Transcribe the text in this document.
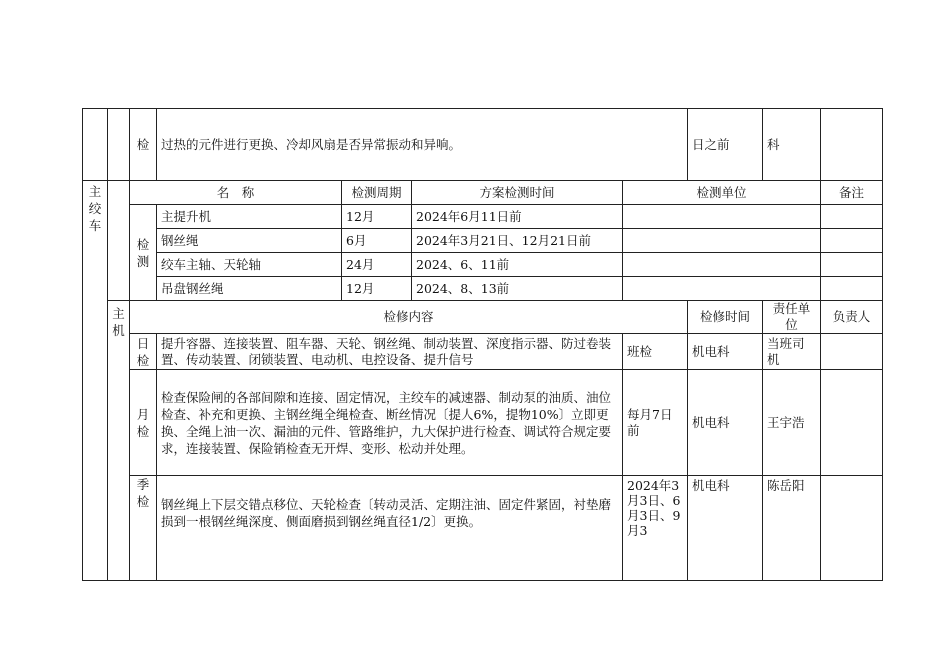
		检	过热的元件进行更换、冷却风扇是否异常振动和异响。				日之前	科		

主绞车		名　称		检测周期	方案检测时间	检测单位			备注	

		检测	主提升机	12月	2024年6月11日前					
			钢丝绳	6月	2024年3月21日、12月21日前					
			绞车主轴、天轮轴	24月	2024、6、11前					
			吊盘钢丝绳	12月	2024、8、13前					

	主机	检修内容					检修时间	责任单位	负责人	

		日检	提升容器、连接装置、阻车器、天轮、钢丝绳、制动装置、深度指示器、防过卷装置、传动装置、闭锁装置、电动机、电控设备、提升信号			班检	机电科	当班司机		

		月检	检查保险闸的各部间隙和连接、固定情况，主绞车的减速器、制动泵的油质、油位检查、补充和更换、主钢丝绳全绳检查、断丝情况〔提人6%，提物10%〕立即更换、全绳上油一次、漏油的元件、管路维护，九大保护进行检查、调试符合规定要求，连接装置、保险销检查无开焊、变形、松动并处理。			每月7日前	机电科	王宇浩		

		季检	钢丝绳上下层交错点移位、天轮检查〔转动灵活、定期注油、固定件紧固，衬垫磨损到一根钢丝绳深度、侧面磨损到钢丝绳直径1/2〕更换。			2024年3月3日、6月3日、9月3	机电科	陈岳阳		
